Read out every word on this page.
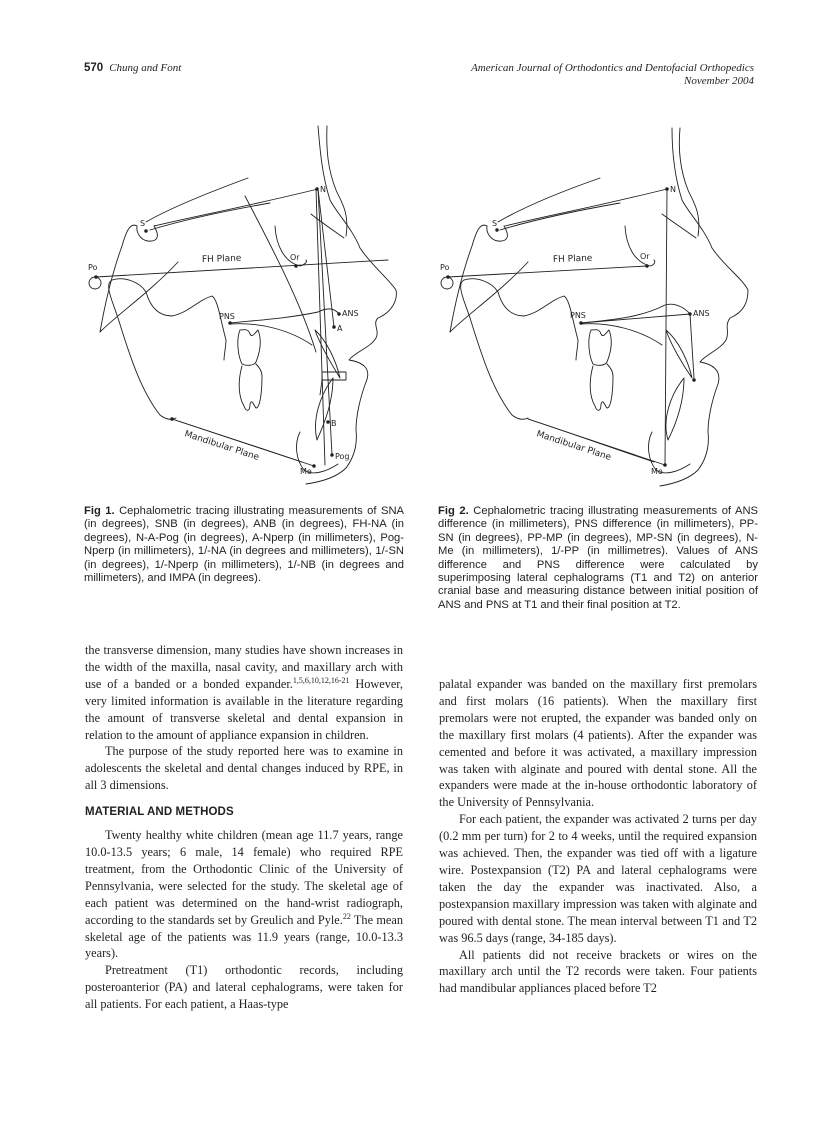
570 Chung and Font	American Journal of Orthodontics and Dentofacial Orthopedics
November 2004
N
S
Po
Or
FH Plane
PNS	ANS
A
B
Pog
Me
Mandibular Plane
N
S
Po
Or
FH Plane
PNS	ANS
Me
Mandibular Plane
Fig 1. Cephalometric tracing illustrating measurements of SNA (in degrees), SNB (in degrees), ANB (in degrees), FH-NA (in degrees), N-A-Pog (in degrees), A-Nperp (in millimeters), Pog-Nperp (in millimeters), 1/-NA (in degrees and millimeters), 1/-SN (in degrees), 1/-Nperp (in millimeters), 1/-NB (in degrees and millimeters), and IMPA (in degrees).
Fig 2. Cephalometric tracing illustrating measurements of ANS difference (in millimeters), PNS difference (in millimeters), PP-SN (in degrees), PP-MP (in degrees), MP-SN (in degrees), N-Me (in millimeters), 1/-PP (in millimetres). Values of ANS difference and PNS difference were calculated by superimposing lateral cephalograms (T1 and T2) on anterior cranial base and measuring distance between initial position of ANS and PNS at T1 and their final position at T2.

the transverse dimension, many studies have shown increases in the width of the maxilla, nasal cavity, and maxillary arch with use of a banded or a bonded expander.$^{1,5,6,10,12,16-21}$ However, very limited information is available in the literature regarding the amount of transverse skeletal and dental expansion in relation to the amount of appliance expansion in children.

The purpose of the study reported here was to examine in adolescents the skeletal and dental changes induced by RPE, in all 3 dimensions.

MATERIAL AND METHODS

Twenty healthy white children (mean age 11.7 years, range 10.0-13.5 years; 6 male, 14 female) who required RPE treatment, from the Orthodontic Clinic of the University of Pennsylvania, were selected for the study. The skeletal age of each patient was determined on the hand-wrist radiograph, according to the standards set by Greulich and Pyle.$^{22}$ The mean skeletal age of the patients was 11.9 years (range, 10.0-13.3 years).

Pretreatment (T1) orthodontic records, including posteroanterior (PA) and lateral cephalograms, were taken for all patients. For each patient, a Haas-type

palatal expander was banded on the maxillary first premolars and first molars (16 patients). When the maxillary first premolars were not erupted, the expander was banded only on the maxillary first molars (4 patients). After the expander was cemented and before it was activated, a maxillary impression was taken with alginate and poured with dental stone. All the expanders were made at the in-house orthodontic laboratory of the University of Pennsylvania.

For each patient, the expander was activated 2 turns per day (0.2 mm per turn) for 2 to 4 weeks, until the required expansion was achieved. Then, the expander was tied off with a ligature wire. Postexpansion (T2) PA and lateral cephalograms were taken the day the expander was inactivated. Also, a postexpansion maxillary impression was taken with alginate and poured with dental stone. The mean interval between T1 and T2 was 96.5 days (range, 34-185 days).

All patients did not receive brackets or wires on the maxillary arch until the T2 records were taken. Four patients had mandibular appliances placed before T2
